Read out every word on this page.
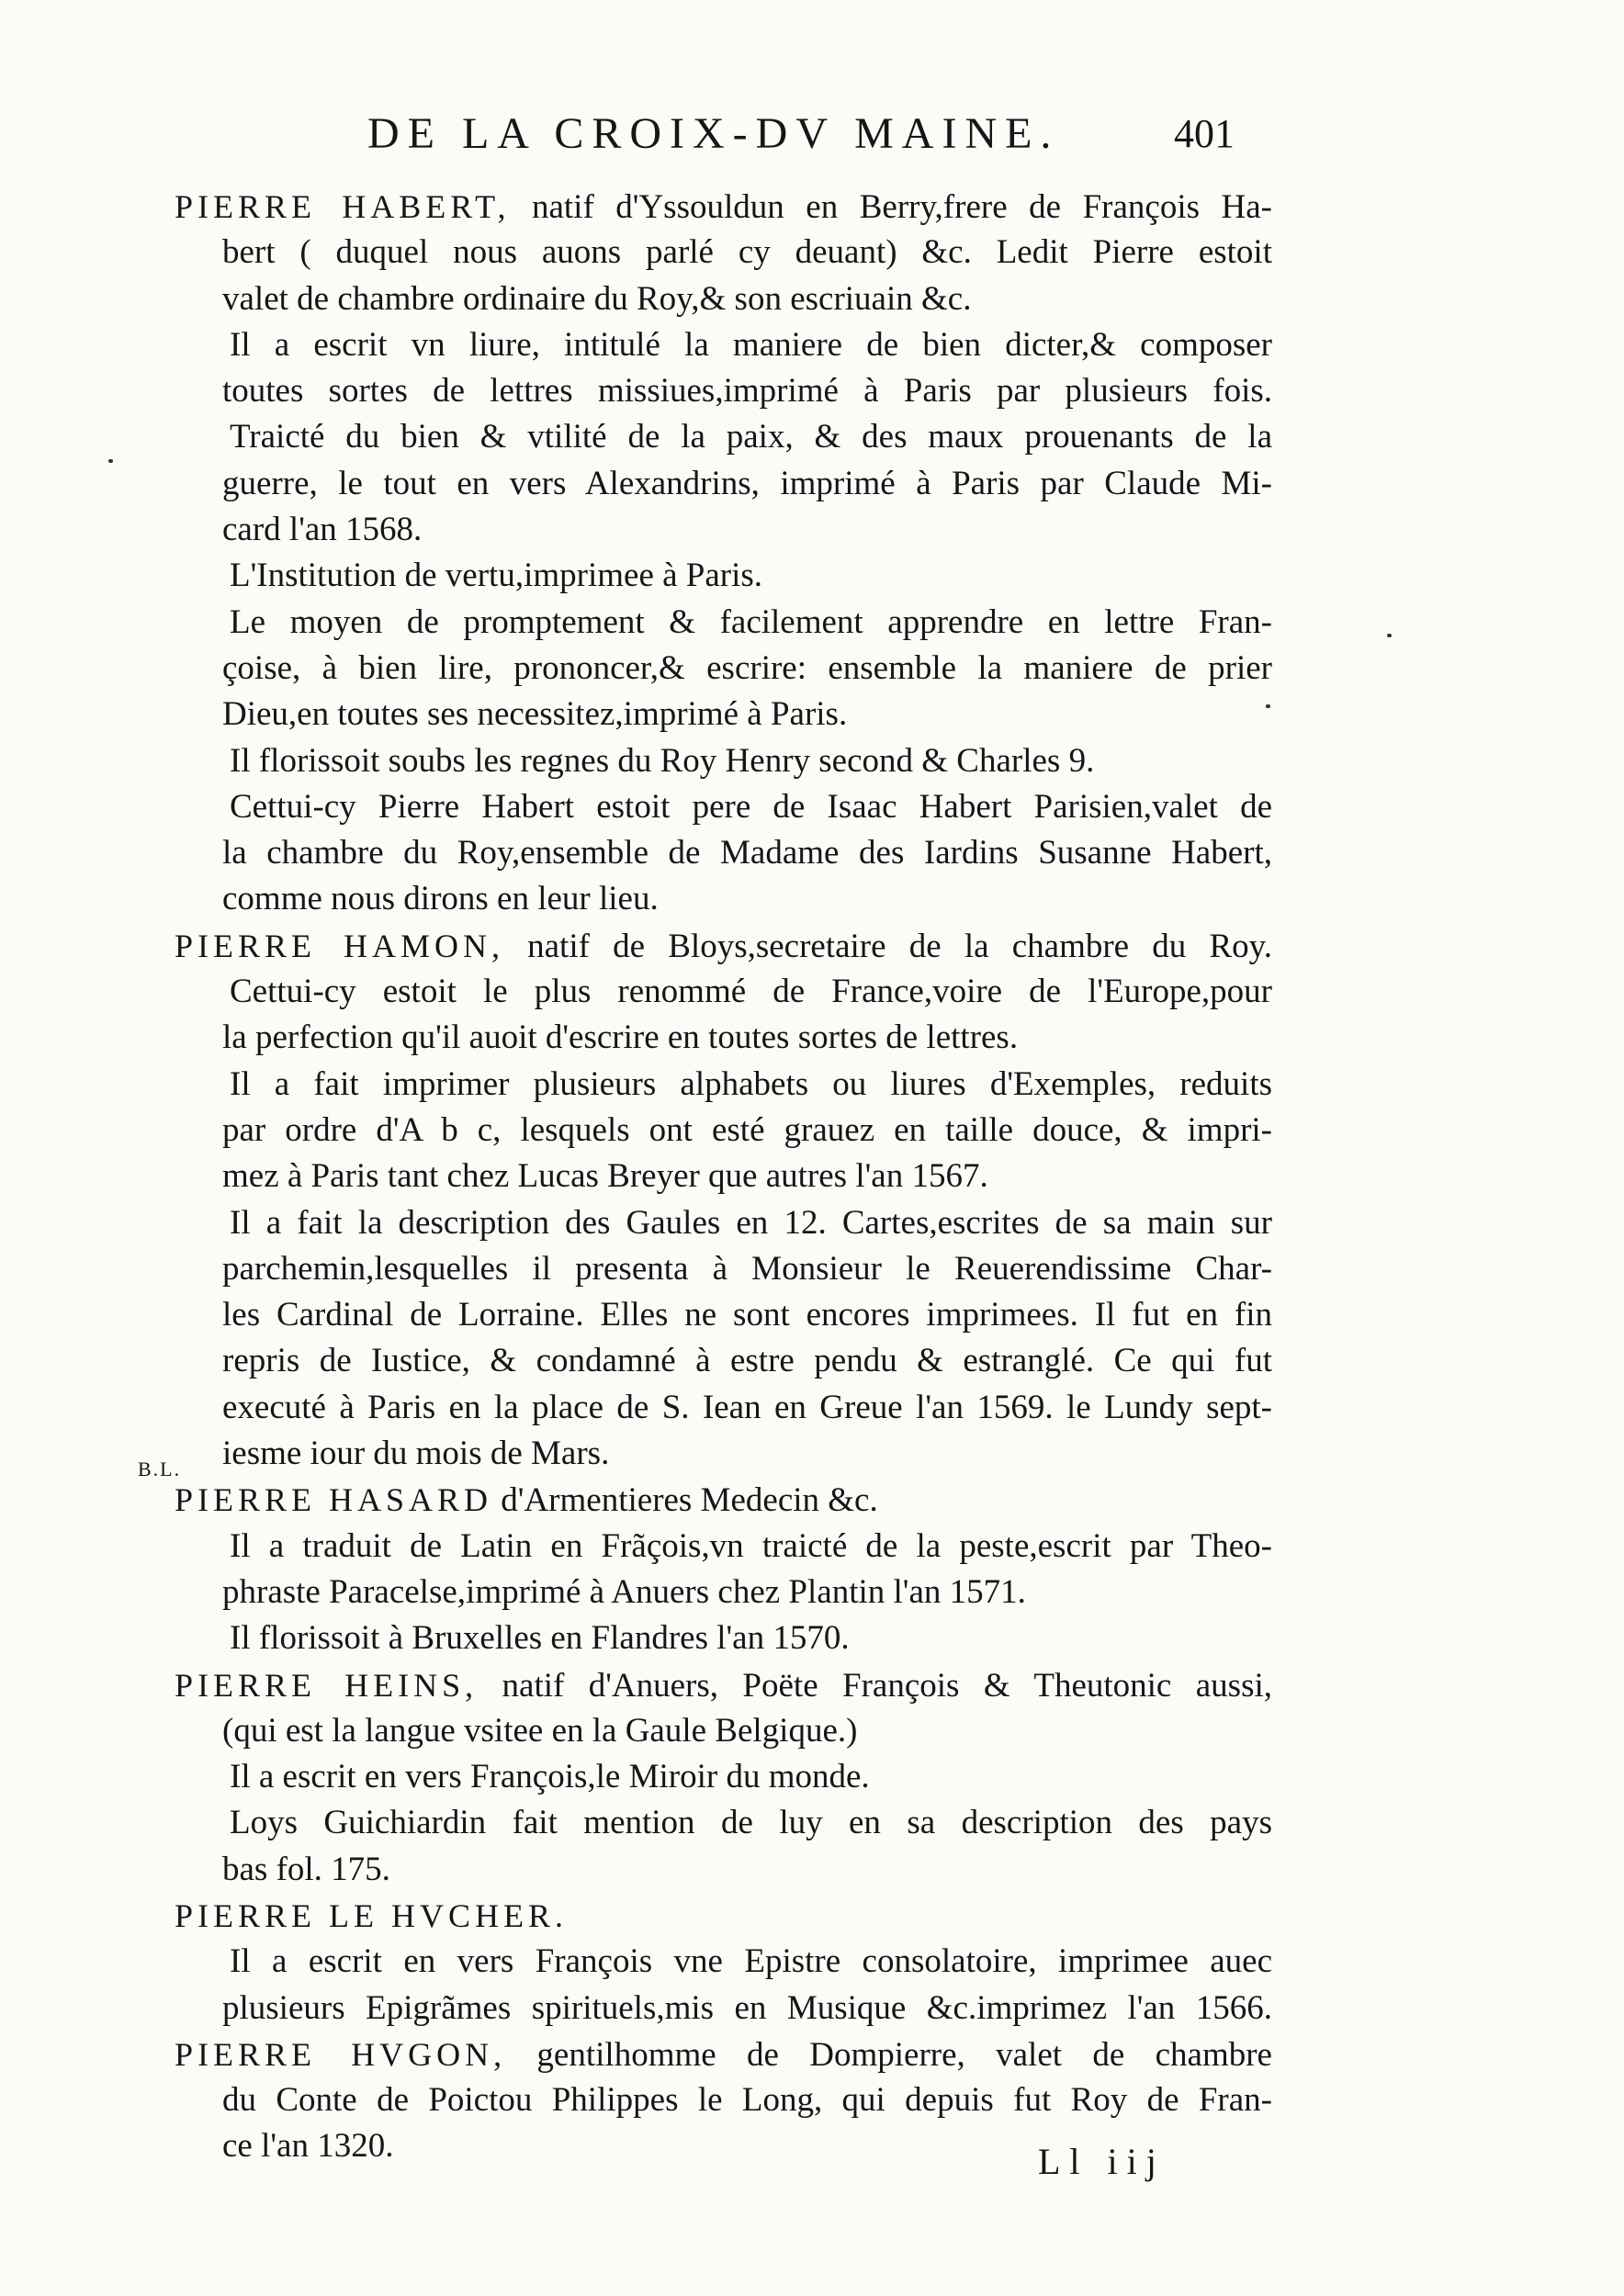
DE LA CROIX-DV MAINE.	401
B.L.
PIERRE HABERT, natif d'Yssouldun en Berry,frere de François Ha-
bert ( duquel nous auons parlé cy deuant) &c. Ledit Pierre estoit
valet de chambre ordinaire du Roy,& son escriuain &c.
Il a escrit vn liure, intitulé la maniere de bien dicter,& composer
toutes sortes de lettres missiues,imprimé à Paris par plusieurs fois.
Traicté du bien & vtilité de la paix, & des maux prouenants de la
guerre, le tout en vers Alexandrins, imprimé à Paris par Claude Mi-
card l'an 1568.
L'Institution de vertu,imprimee à Paris.
Le moyen de promptement & facilement apprendre en lettre Fran-
çoise, à bien lire, prononcer,& escrire: ensemble la maniere de prier
Dieu,en toutes ses necessitez,imprimé à Paris.
Il florissoit soubs les regnes du Roy Henry second & Charles 9.
Cettui-cy Pierre Habert estoit pere de Isaac Habert Parisien,valet de
la chambre du Roy,ensemble de Madame des Iardins Susanne Habert,
comme nous dirons en leur lieu.
PIERRE HAMON, natif de Bloys,secretaire de la chambre du Roy.
Cettui-cy estoit le plus renommé de France,voire de l'Europe,pour
la perfection qu'il auoit d'escrire en toutes sortes de lettres.
Il a fait imprimer plusieurs alphabets ou liures d'Exemples, reduits
par ordre d'A b c, lesquels ont esté grauez en taille douce, & impri-
mez à Paris tant chez Lucas Breyer que autres l'an 1567.
Il a fait la description des Gaules en 12. Cartes,escrites de sa main sur
parchemin,lesquelles il presenta à Monsieur le Reuerendissime Char-
les Cardinal de Lorraine. Elles ne sont encores imprimees. Il fut en fin
repris de Iustice, & condamné à estre pendu & estranglé. Ce qui fut
executé à Paris en la place de S. Iean en Greue l'an 1569. le Lundy sept-
iesme iour du mois de Mars.
PIERRE HASARD d'Armentieres Medecin &c.
Il a traduit de Latin en Frãçois,vn traicté de la peste,escrit par Theo-
phraste Paracelse,imprimé à Anuers chez Plantin l'an 1571.
Il florissoit à Bruxelles en Flandres l'an 1570.
PIERRE HEINS, natif d'Anuers, Poëte François & Theutonic aussi,
(qui est la langue vsitee en la Gaule Belgique.)
Il a escrit en vers François,le Miroir du monde.
Loys Guichiardin fait mention de luy en sa description des pays
bas fol. 175.
PIERRE LE HVCHER.
Il a escrit en vers François vne Epistre consolatoire, imprimee auec
plusieurs Epigrãmes spirituels,mis en Musique &c.imprimez l'an 1566.
PIERRE HVGON, gentilhomme de Dompierre, valet de chambre
du Conte de Poictou Philippes le Long, qui depuis fut Roy de Fran-
ce l'an 1320.	Ll iij
